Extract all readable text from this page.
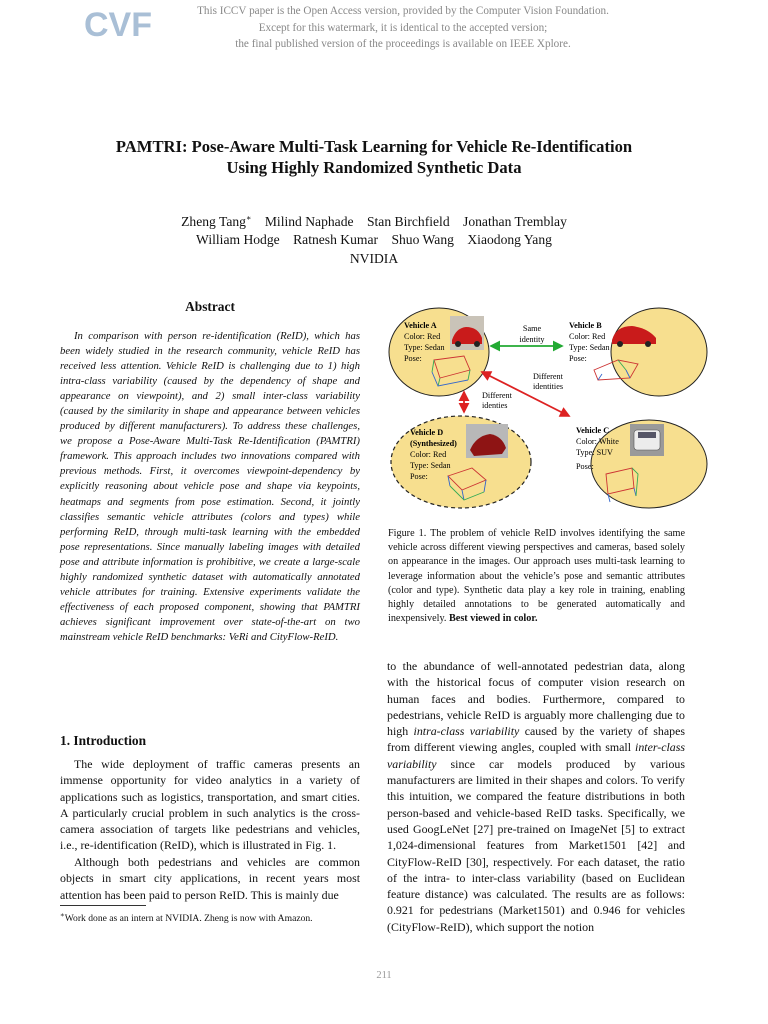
CVF	This ICCV paper is the Open Access version, provided by the Computer Vision Foundation.
Except for this watermark, it is identical to the accepted version;
the final published version of the proceedings is available on IEEE Xplore.
PAMTRI: Pose-Aware Multi-Task Learning for Vehicle Re-Identification
Using Highly Randomized Synthetic Data
Zheng Tang∗ Milind Naphade Stan Birchfield Jonathan Tremblay
William Hodge Ratnesh Kumar Shuo Wang Xiaodong Yang
NVIDIA
Abstract
In comparison with person re-identification (ReID), which has been widely studied in the research community, vehicle ReID has received less attention. Vehicle ReID is challenging due to 1) high intra-class variability (caused by the dependency of shape and appearance on viewpoint), and 2) small inter-class variability (caused by the similarity in shape and appearance between vehicles produced by different manufacturers). To address these challenges, we propose a Pose-Aware Multi-Task Re-Identification (PAMTRI) framework. This approach includes two innovations compared with previous methods. First, it overcomes viewpoint-dependency by explicitly reasoning about vehicle pose and shape via keypoints, heatmaps and segments from pose estimation. Second, it jointly classifies semantic vehicle attributes (colors and types) while performing ReID, through multi-task learning with the embedded pose representations. Since manually labeling images with detailed pose and attribute information is prohibitive, we create a large-scale highly randomized synthetic dataset with automatically annotated vehicle attributes for training. Extensive experiments validate the effectiveness of each proposed component, showing that PAMTRI achieves significant improvement over state-of-the-art on two mainstream vehicle ReID benchmarks: VeRi and CityFlow-ReID.
1. Introduction
The wide deployment of traffic cameras presents an immense opportunity for video analytics in a variety of applications such as logistics, transportation, and smart cities. A particularly crucial problem in such analytics is the cross-camera association of targets like pedestrians and vehicles, i.e., re-identification (ReID), which is illustrated in Fig. 1.
Although both pedestrians and vehicles are common objects in smart city applications, in recent years most attention has been paid to person ReID. This is mainly due
∗Work done as an intern at NVIDIA. Zheng is now with Amazon.
Vehicle A
Color: Red
Type: Sedan
Pose:
Vehicle B
Color: Red
Type: Sedan
Pose:
Vehicle D
(Synthesized)
Color: Red
Type: Sedan
Pose:
Vehicle C
Color: White
Type: SUV
Pose:
Same
identity
Different
identities
Different
identies
Figure 1. The problem of vehicle ReID involves identifying the same vehicle across different viewing perspectives and cameras, based solely on appearance in the images. Our approach uses multi-task learning to leverage information about the vehicle’s pose and semantic attributes (color and type). Synthetic data play a key role in training, enabling highly detailed annotations to be generated automatically and inexpensively. Best viewed in color.
to the abundance of well-annotated pedestrian data, along with the historical focus of computer vision research on human faces and bodies. Furthermore, compared to pedestrians, vehicle ReID is arguably more challenging due to high intra-class variability caused by the variety of shapes from different viewing angles, coupled with small inter-class variability since car models produced by various manufacturers are limited in their shapes and colors. To verify this intuition, we compared the feature distributions in both person-based and vehicle-based ReID tasks. Specifically, we used GoogLeNet [27] pre-trained on ImageNet [5] to extract 1,024-dimensional features from Market1501 [42] and CityFlow-ReID [30], respectively. For each dataset, the ratio of the intra- to inter-class variability (based on Euclidean feature distance) was calculated. The results are as follows: 0.921 for pedestrians (Market1501) and 0.946 for vehicles (CityFlow-ReID), which support the notion
211
